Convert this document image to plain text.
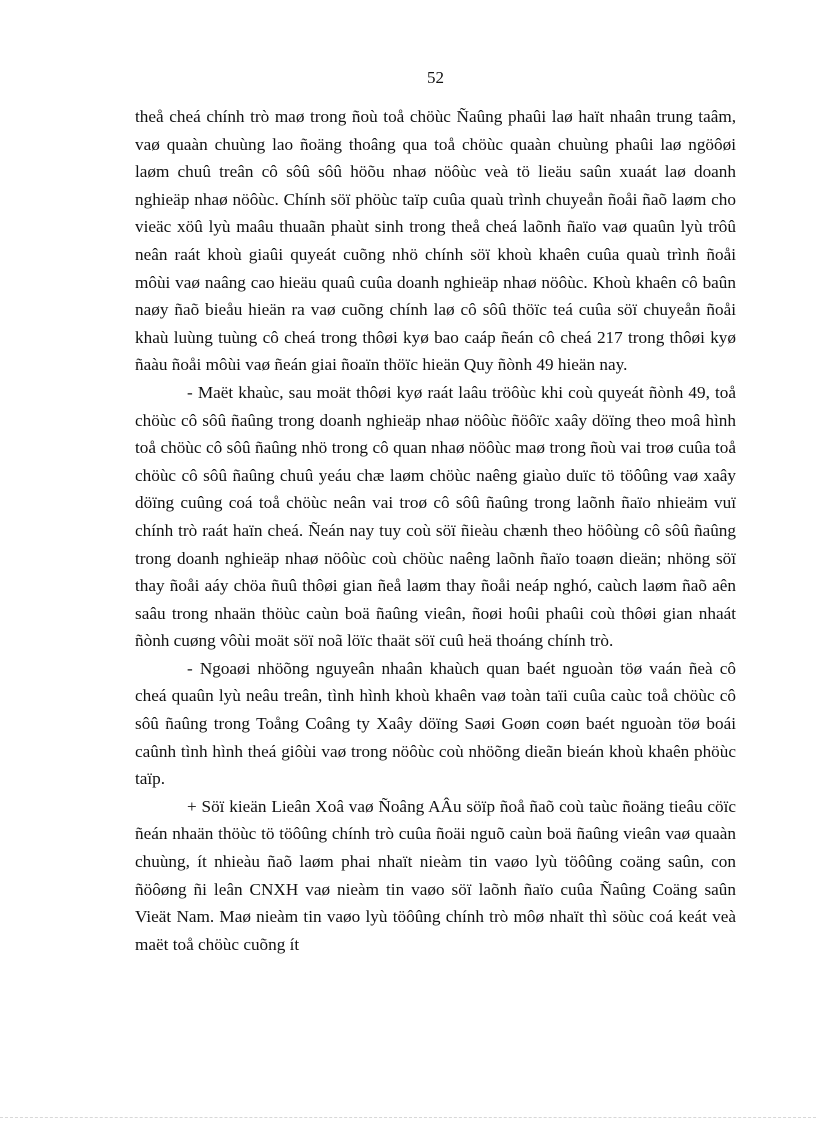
52

theå cheá chính trò maø trong ñoù toå chöùc Ñaûng phaûi laø haït nhaân trung taâm, vaø quaàn chuùng lao ñoäng thoâng qua toå chöùc quaàn chuùng phaûi laø ngöôøi laøm chuû treân cô sôû sôû höõu nhaø nöôùc veà tö lieäu saûn xuaát laø doanh nghieäp nhaø nöôùc. Chính söï phöùc taïp cuûa quaù trình chuyeån ñoåi ñaõ laøm cho vieäc xöû lyù maâu thuaãn phaùt sinh trong theå cheá laõnh ñaïo vaø quaûn lyù trôû neân raát khoù giaûi quyeát cuõng nhö chính söï khoù khaên cuûa quaù trình ñoåi môùi vaø naâng cao hieäu quaû cuûa doanh nghieäp nhaø nöôùc. Khoù khaên cô baûn naøy ñaõ bieåu hieän ra vaø cuõng chính laø cô sôû thöïc teá cuûa söï chuyeån ñoåi khaù luùng tuùng cô cheá trong thôøi kyø bao caáp ñeán cô cheá 217 trong thôøi kyø ñaàu ñoåi môùi vaø ñeán giai ñoaïn thöïc hieän Quy ñònh 49 hieän nay.

- Maët khaùc, sau moät thôøi kyø raát laâu tröôùc khi coù quyeát ñònh 49, toå chöùc cô sôû ñaûng trong doanh nghieäp nhaø nöôùc ñöôïc xaây döïng theo moâ hình toå chöùc cô sôû ñaûng nhö trong cô quan nhaø nöôùc maø trong ñoù vai troø cuûa toå chöùc cô sôû ñaûng chuû yeáu chæ laøm chöùc naêng giaùo duïc tö töôûng vaø xaây döïng cuûng coá toå chöùc neân vai troø cô sôû ñaûng trong laõnh ñaïo nhieäm vuï chính trò raát haïn cheá. Ñeán nay tuy coù söï ñieàu chænh theo höôùng cô sôû ñaûng trong doanh nghieäp nhaø nöôùc coù chöùc naêng laõnh ñaïo toaøn dieän; nhöng söï thay ñoåi aáy chöa ñuû thôøi gian ñeå laøm thay ñoåi neáp nghó, caùch laøm ñaõ aên saâu trong nhaän thöùc caùn boä ñaûng vieân, ñoøi hoûi phaûi coù thôøi gian nhaát ñònh cuøng vôùi moät söï noã löïc thaät söï cuû heä thoáng chính trò.

- Ngoaøi nhöõng nguyeân nhaân khaùch quan baét nguoàn töø vaán ñeà cô cheá quaûn lyù neâu treân, tình hình khoù khaên vaø toàn taïi cuûa caùc toå chöùc cô sôû ñaûng trong Toång Coâng ty Xaây döïng Saøi Goøn coøn baét nguoàn töø boái caûnh tình hình theá giôùi vaø trong nöôùc coù nhöõng dieãn bieán khoù khaên phöùc taïp.

+ Söï kieän Lieân Xoâ vaø Ñoâng AÂu söïp ñoå ñaõ coù taùc ñoäng tieâu cöïc ñeán nhaän thöùc tö töôûng chính trò cuûa ñoäi nguõ caùn boä ñaûng vieân vaø quaàn chuùng, ít nhieàu ñaõ laøm phai nhaït nieàm tin vaøo lyù töôûng coäng saûn, con ñöôøng ñi leân CNXH vaø nieàm tin vaøo söï laõnh ñaïo cuûa Ñaûng Coäng saûn Vieät Nam. Maø nieàm tin vaøo lyù töôûng chính trò môø nhaït thì söùc coá keát veà maët toå chöùc cuõng ít
